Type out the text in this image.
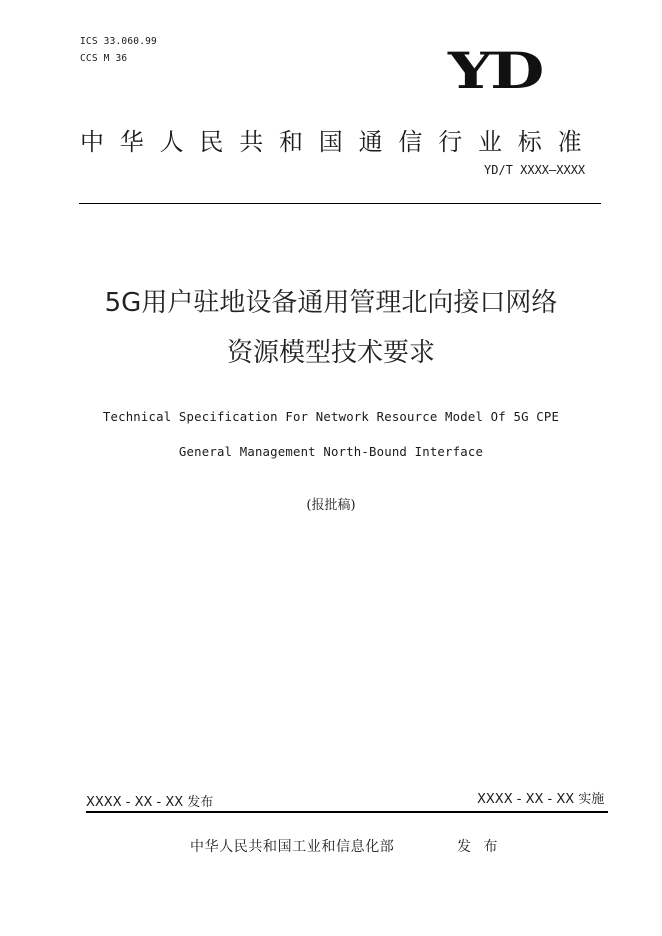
ICS 33.060.99
CCS M 36	YD
中华人民共和国通信行业标准
YD/T XXXX—XXXX
5G用户驻地设备通用管理北向接口网络
资源模型技术要求
Technical Specification For Network Resource Model Of 5G CPE
General Management North-Bound Interface
(报批稿)
XXXX - XX - XX 发布	XXXX - XX - XX 实施
中华人民共和国工业和信息化部	发 布
